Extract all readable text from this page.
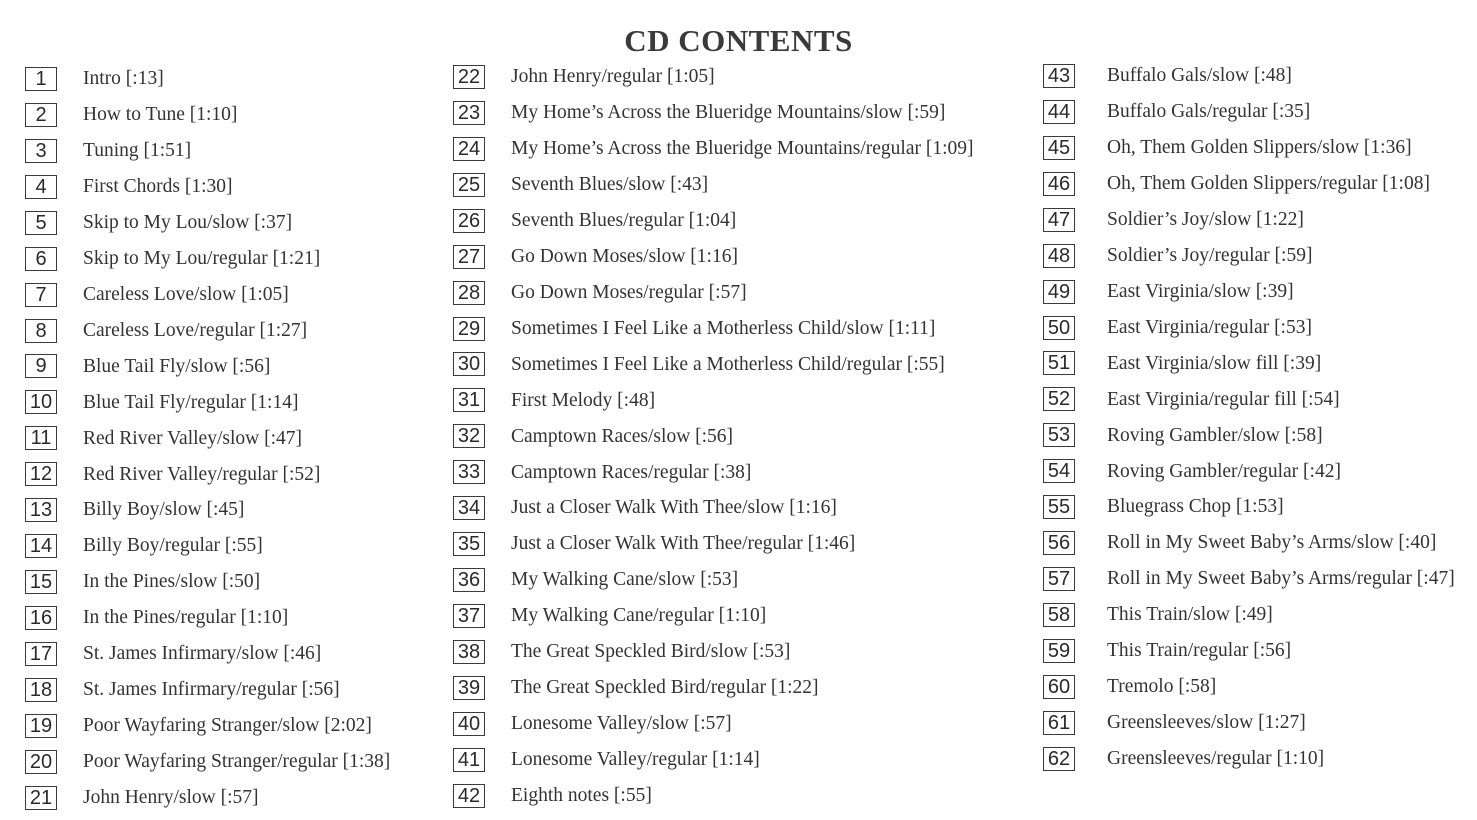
CD CONTENTS
1	Intro [:13]
2	How to Tune [1:10]
3	Tuning [1:51]
4	First Chords [1:30]
5	Skip to My Lou/slow [:37]
6	Skip to My Lou/regular [1:21]
7	Careless Love/slow [1:05]
8	Careless Love/regular [1:27]
9	Blue Tail Fly/slow [:56]
10 Blue Tail Fly/regular [1:14]
11 Red River Valley/slow [:47]
12 Red River Valley/regular [:52]
13 Billy Boy/slow [:45]
14 Billy Boy/regular [:55]
15 In the Pines/slow [:50]
16 In the Pines/regular [1:10]
17 St. James Infirmary/slow [:46]
18 St. James Infirmary/regular [:56]
19 Poor Wayfaring Stranger/slow [2:02]
20 Poor Wayfaring Stranger/regular [1:38]
21 John Henry/slow [:57]
22 John Henry/regular [1:05]
23 My Home’s Across the Blueridge Mountains/slow [:59]
24 My Home’s Across the Blueridge Mountains/regular [1:09]
25 Seventh Blues/slow [:43]
26 Seventh Blues/regular [1:04]
27 Go Down Moses/slow [1:16]
28 Go Down Moses/regular [:57]
29 Sometimes I Feel Like a Motherless Child/slow [1:11]
30 Sometimes I Feel Like a Motherless Child/regular [:55]
31 First Melody [:48]
32 Camptown Races/slow [:56]
33 Camptown Races/regular [:38]
34 Just a Closer Walk With Thee/slow [1:16]
35 Just a Closer Walk With Thee/regular [1:46]
36 My Walking Cane/slow [:53]
37 My Walking Cane/regular [1:10]
38 The Great Speckled Bird/slow [:53]
39 The Great Speckled Bird/regular [1:22]
40 Lonesome Valley/slow [:57]
41 Lonesome Valley/regular [1:14]
42 Eighth notes [:55]
43 Buffalo Gals/slow [:48]
44 Buffalo Gals/regular [:35]
45 Oh, Them Golden Slippers/slow [1:36]
46 Oh, Them Golden Slippers/regular [1:08]
47 Soldier’s Joy/slow [1:22]
48 Soldier’s Joy/regular [:59]
49 East Virginia/slow [:39]
50 East Virginia/regular [:53]
51 East Virginia/slow fill [:39]
52 East Virginia/regular fill [:54]
53 Roving Gambler/slow [:58]
54 Roving Gambler/regular [:42]
55 Bluegrass Chop [1:53]
56 Roll in My Sweet Baby’s Arms/slow [:40]
57 Roll in My Sweet Baby’s Arms/regular [:47]
58 This Train/slow [:49]
59 This Train/regular [:56]
60 Tremolo [:58]
61 Greensleeves/slow [1:27]
62 Greensleeves/regular [1:10]
